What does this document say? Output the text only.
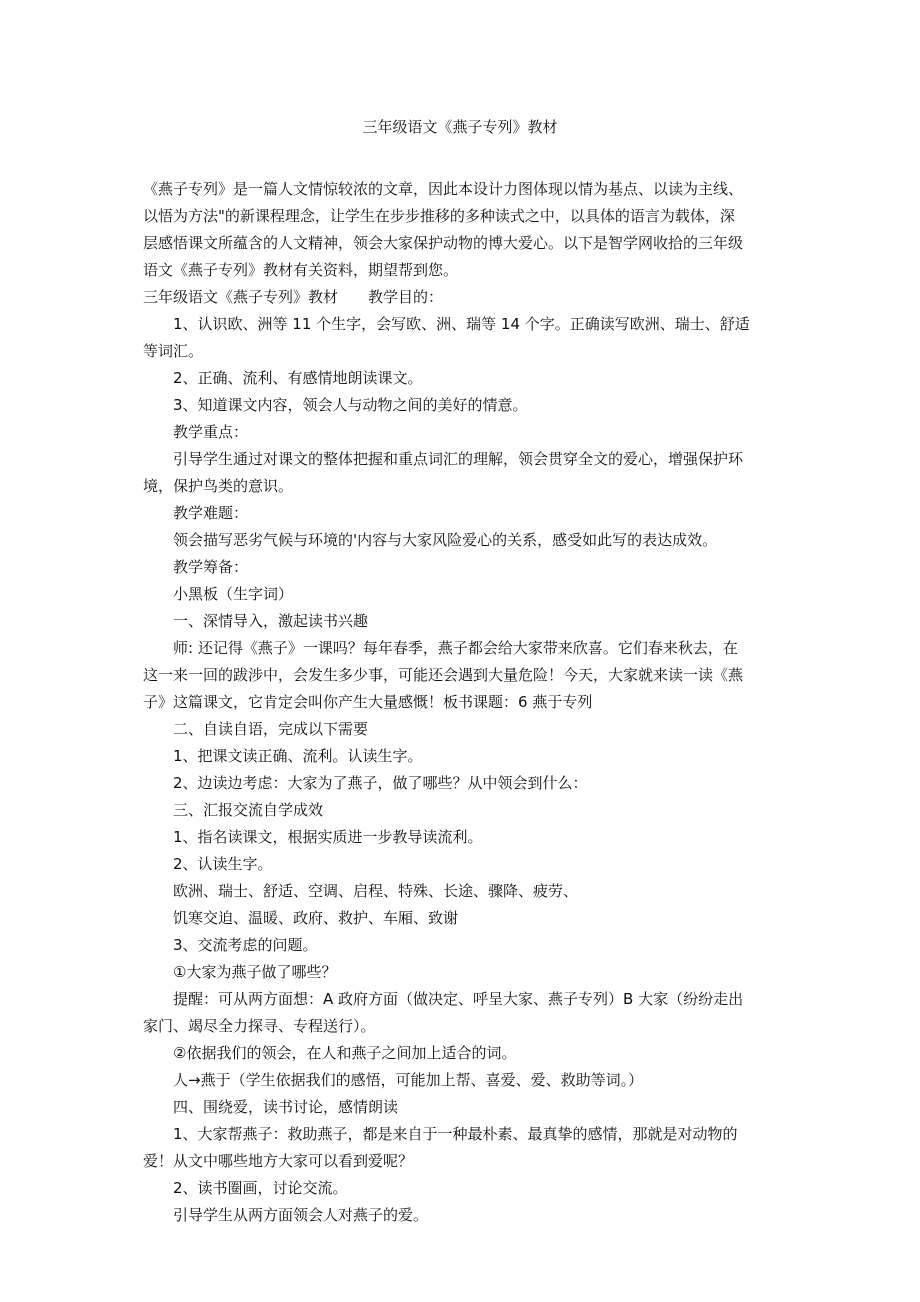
三年级语文《燕子专列》教材
《燕子专列》是一篇人文情惊较浓的文章，因此本设计力图体现以情为基点、以读为主线、
以悟为方法"的新课程理念，让学生在步步推移的多种读式之中，以具体的语言为载体，深
层感悟课文所蕴含的人文精神，领会大家保护动物的博大爱心。以下是智学网收拾的三年级
语文《燕子专列》教材有关资料，期望帮到您。
三年级语文《燕子专列》教材　　教学目的：
1、认识欧、洲等 11 个生字，会写欧、洲、瑞等 14 个字。正确读写欧洲、瑞士、舒适
等词汇。
2、正确、流利、有感情地朗读课文。
3、知道课文内容，领会人与动物之间的美好的情意。
教学重点：
引导学生通过对课文的整体把握和重点词汇的理解，领会贯穿全文的爱心，增强保护环
境，保护鸟类的意识。
教学难题：
领会描写恶劣气候与环境的'内容与大家风险爱心的关系，感受如此写的表达成效。
教学筹备：
小黑板（生字词）
一、深情导入，激起读书兴趣
师: 还记得《燕子》一课吗？每年春季，燕子都会给大家带来欣喜。它们春来秋去，在
这一来一回的跋涉中，会发生多少事，可能还会遇到大量危险！今天，大家就来读一读《燕
子》这篇课文，它肯定会叫你产生大量感慨！板书课题：6 燕于专列
二、自读自语，完成以下需要
1、把课文读正确、流利。认读生字。
2、边读边考虑：大家为了燕子，做了哪些？从中领会到什么：
三、汇报交流自学成效
1、指名读课文，根据实质进一步教导读流利。
2、认读生字。
欧洲、瑞士、舒适、空调、启程、特殊、长途、骤降、疲劳、
饥寒交迫、温暖、政府、救护、车厢、致谢
3、交流考虑的问题。
①大家为燕子做了哪些？
提醒：可从两方面想：A 政府方面（做决定、呼呈大家、燕子专列）B 大家（纷纷走出
家门、竭尽全力探寻、专程送行）。
②依据我们的领会，在人和燕子之间加上适合的词。
人→燕于（学生依据我们的感悟，可能加上帮、喜爱、爱、救助等词。）
四、围绕爱，读书讨论，感情朗读
1、大家帮燕子：救助燕子，都是来自于一种最朴素、最真挚的感情，那就是对动物的
爱！从文中哪些地方大家可以看到爱呢？
2、读书圈画，讨论交流。
引导学生从两方面领会人对燕子的爱。
